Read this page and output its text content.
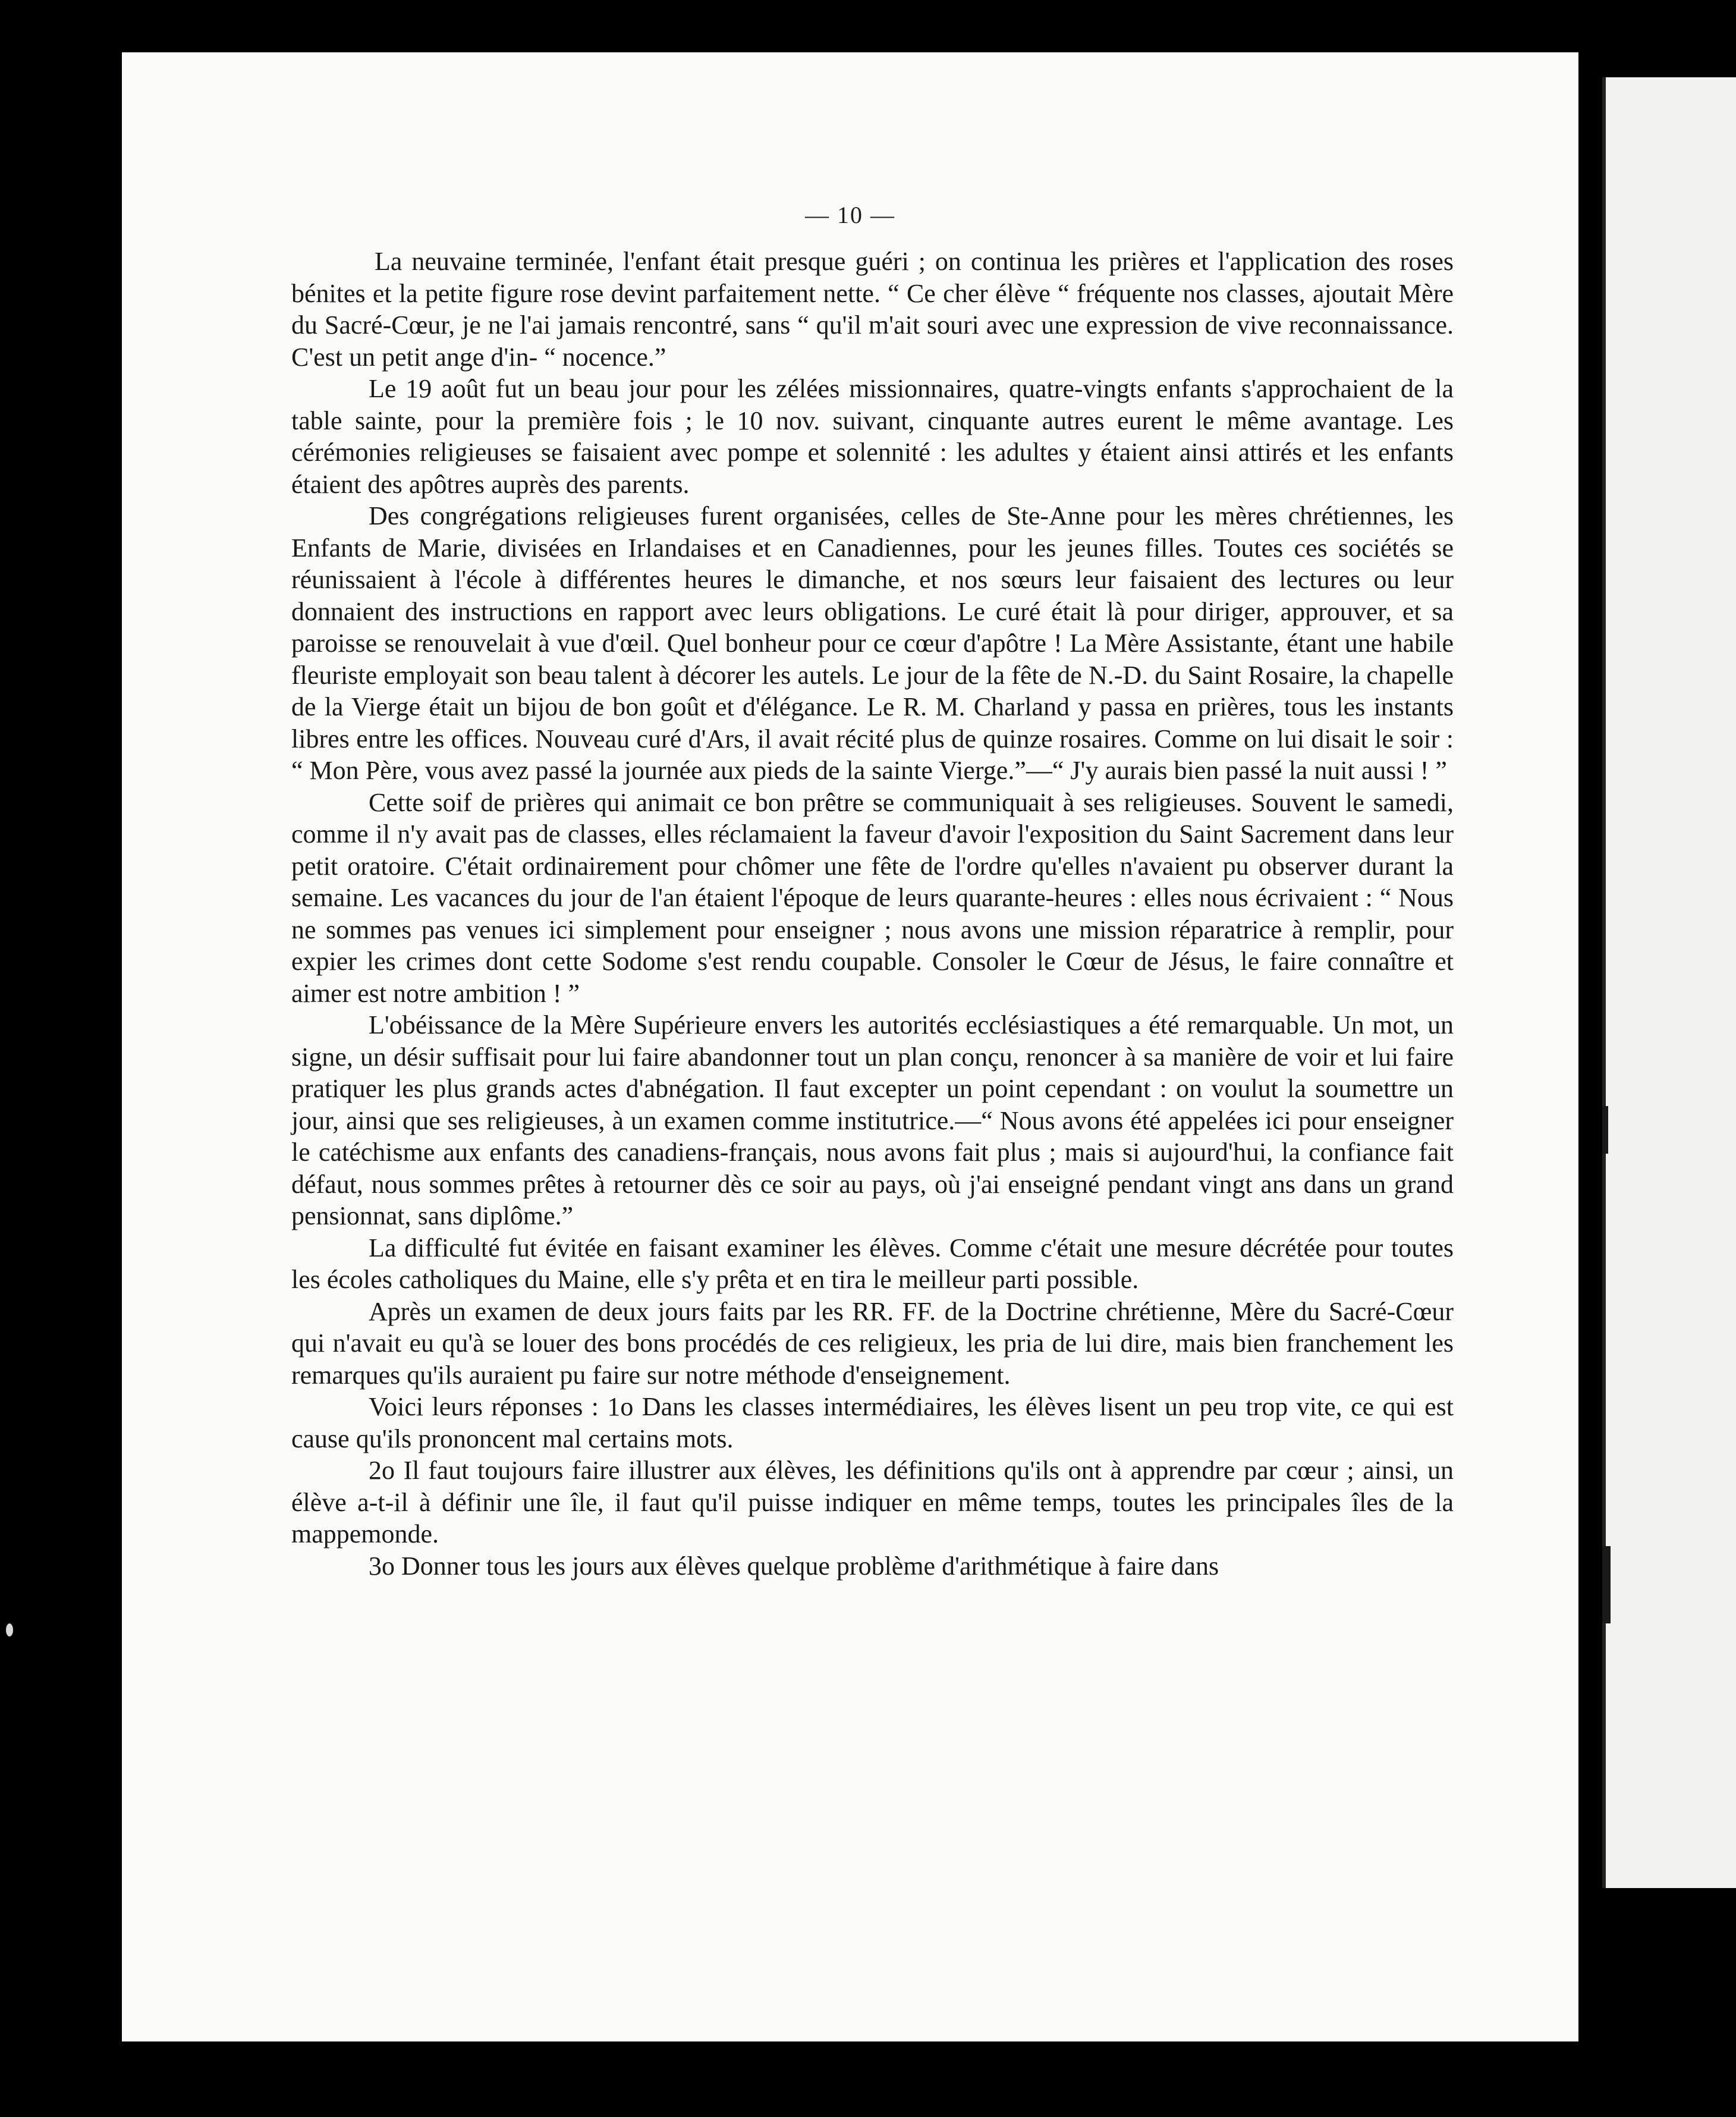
— 10 —

La neuvaine terminée, l'enfant était presque guéri ; on continua les prières et l'application des roses bénites et la petite figure rose devint parfaitement nette. “ Ce cher élève “ fréquente nos classes, ajoutait Mère du Sacré-Cœur, je ne l'ai jamais rencontré, sans “ qu'il m'ait souri avec une expression de vive reconnaissance. C'est un petit ange d'in- “ nocence.”

Le 19 août fut un beau jour pour les zélées missionnaires, quatre-vingts enfants s'approchaient de la table sainte, pour la première fois ; le 10 nov. suivant, cinquante autres eurent le même avantage. Les cérémonies religieuses se faisaient avec pompe et solennité : les adultes y étaient ainsi attirés et les enfants étaient des apôtres auprès des parents.

Des congrégations religieuses furent organisées, celles de Ste-Anne pour les mères chrétiennes, les Enfants de Marie, divisées en Irlandaises et en Canadiennes, pour les jeunes filles. Toutes ces sociétés se réunissaient à l'école à différentes heures le dimanche, et nos sœurs leur faisaient des lectures ou leur donnaient des instructions en rapport avec leurs obligations. Le curé était là pour diriger, approuver, et sa paroisse se renouvelait à vue d'œil. Quel bonheur pour ce cœur d'apôtre ! La Mère Assistante, étant une habile fleuriste employait son beau talent à décorer les autels. Le jour de la fête de N.-D. du Saint Rosaire, la chapelle de la Vierge était un bijou de bon goût et d'élégance. Le R. M. Charland y passa en prières, tous les instants libres entre les offices. Nouveau curé d'Ars, il avait récité plus de quinze rosaires. Comme on lui disait le soir : “ Mon Père, vous avez passé la journée aux pieds de la sainte Vierge.”—“ J'y aurais bien passé la nuit aussi ! ”

Cette soif de prières qui animait ce bon prêtre se communiquait à ses religieuses. Souvent le samedi, comme il n'y avait pas de classes, elles réclamaient la faveur d'avoir l'exposition du Saint Sacrement dans leur petit oratoire. C'était ordinairement pour chômer une fête de l'ordre qu'elles n'avaient pu observer durant la semaine. Les vacances du jour de l'an étaient l'époque de leurs quarante-heures : elles nous écrivaient : “ Nous ne sommes pas venues ici simplement pour enseigner ; nous avons une mission réparatrice à remplir, pour expier les crimes dont cette Sodome s'est rendu coupable. Consoler le Cœur de Jésus, le faire connaître et aimer est notre ambition ! ”

L'obéissance de la Mère Supérieure envers les autorités ecclésiastiques a été remarquable. Un mot, un signe, un désir suffisait pour lui faire abandonner tout un plan conçu, renoncer à sa manière de voir et lui faire pratiquer les plus grands actes d'abnégation. Il faut excepter un point cependant : on voulut la soumettre un jour, ainsi que ses religieuses, à un examen comme institutrice.—“ Nous avons été appelées ici pour enseigner le catéchisme aux enfants des canadiens-français, nous avons fait plus ; mais si aujourd'hui, la confiance fait défaut, nous sommes prêtes à retourner dès ce soir au pays, où j'ai enseigné pendant vingt ans dans un grand pensionnat, sans diplôme.”

La difficulté fut évitée en faisant examiner les élèves. Comme c'était une mesure décrétée pour toutes les écoles catholiques du Maine, elle s'y prêta et en tira le meilleur parti possible.

Après un examen de deux jours faits par les RR. FF. de la Doctrine chrétienne, Mère du Sacré-Cœur qui n'avait eu qu'à se louer des bons procédés de ces religieux, les pria de lui dire, mais bien franchement les remarques qu'ils auraient pu faire sur notre méthode d'enseignement.

Voici leurs réponses : 1o Dans les classes intermédiaires, les élèves lisent un peu trop vite, ce qui est cause qu'ils prononcent mal certains mots.

2o Il faut toujours faire illustrer aux élèves, les définitions qu'ils ont à apprendre par cœur ; ainsi, un élève a-t-il à définir une île, il faut qu'il puisse indiquer en même temps, toutes les principales îles de la mappemonde.

3o Donner tous les jours aux élèves quelque problème d'arithmétique à faire dans
